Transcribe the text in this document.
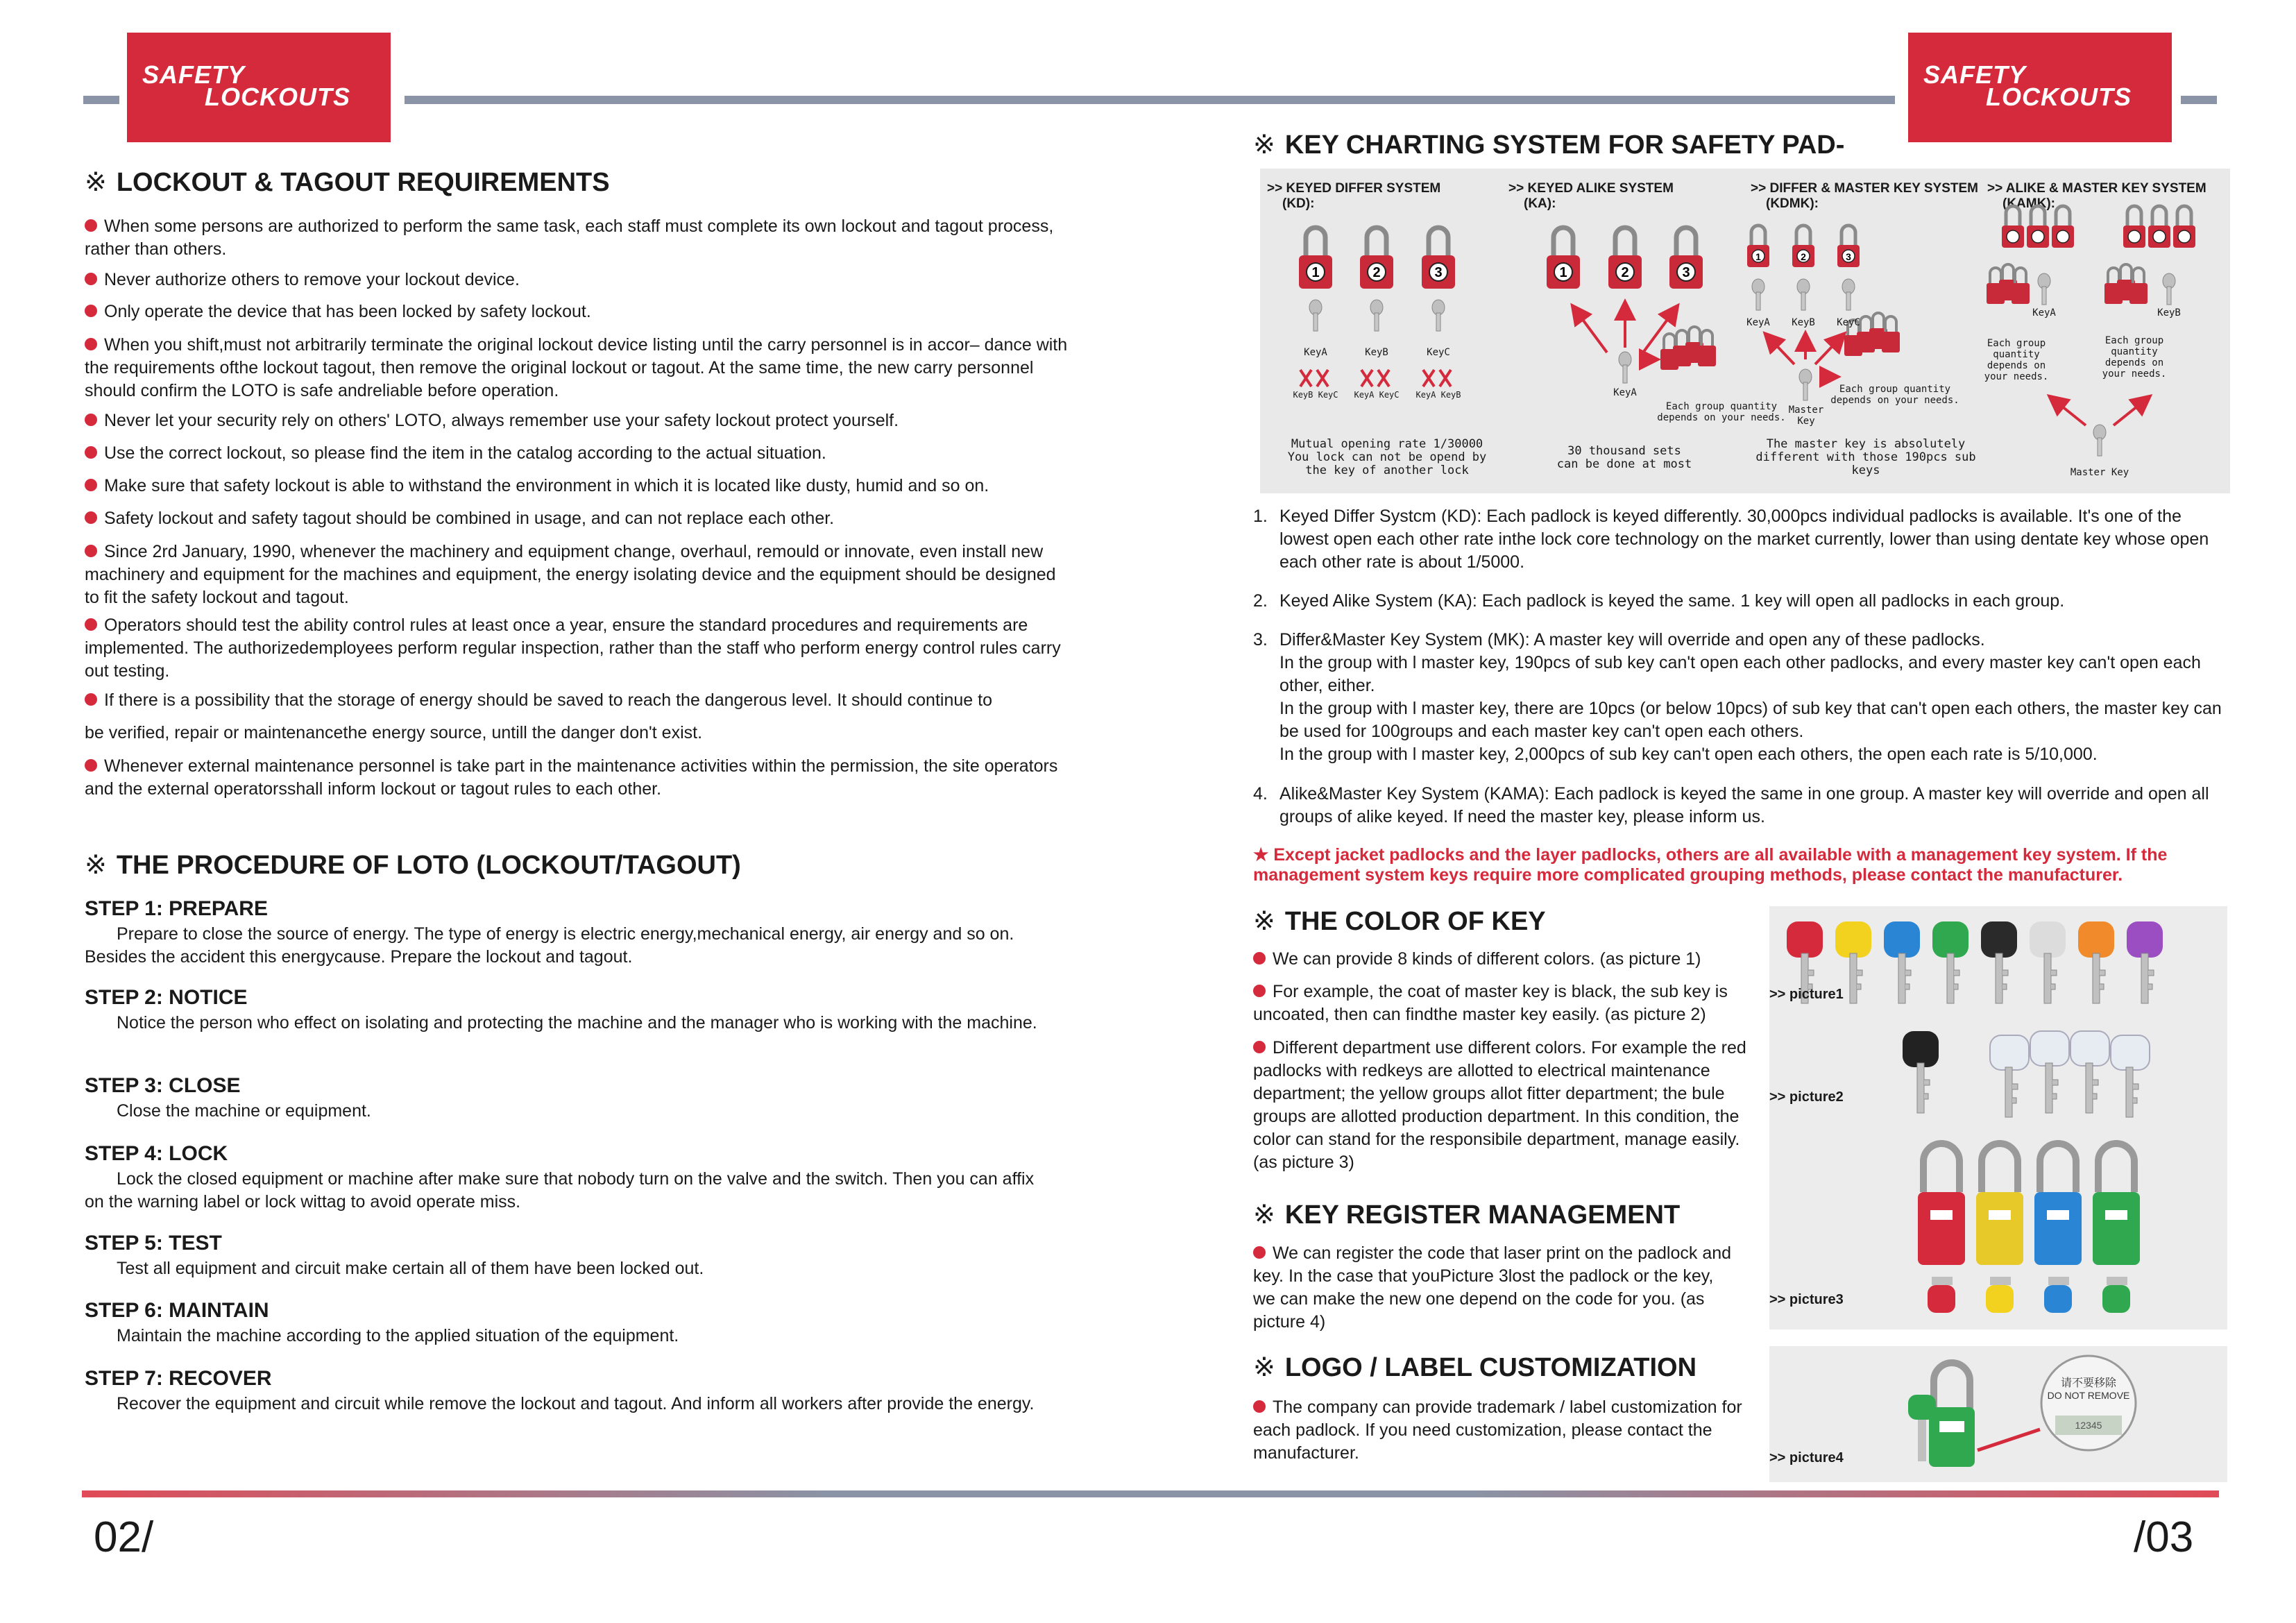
SAFETY
LOCKOUTS
SAFETY
LOCKOUTS
※ LOCKOUT & TAGOUT REQUIREMENTS
When some persons are authorized to perform the same task, each staff must complete its own lockout and tagout process, rather than others.
Never authorize others to remove your lockout device.
Only operate the device that has been locked by safety lockout.
When you shift,must not arbitrarily terminate the original lockout device listing until the carry personnel is in accor– dance with the requirements ofthe lockout tagout, then remove the original lockout or tagout. At the same time, the new carry personnel should confirm the LOTO is safe andreliable before operation.
Never let your security rely on others' LOTO, always remember use your safety lockout protect yourself.
Use the correct lockout, so please find the item in the catalog according to the actual situation.
Make sure that safety lockout is able to withstand the environment in which it is located like dusty, humid and so on.
Safety lockout and safety tagout should be combined in usage, and can not replace each other.
Since 2rd January, 1990, whenever the machinery and equipment change, overhaul, remould or innovate, even install new machinery and equipment for the machines and equipment, the energy isolating device and the equipment should be designed to fit the safety lockout and tagout.
Operators should test the ability control rules at least once a year, ensure the standard procedures and requirements are implemented. The authorizedemployees perform regular inspection, rather than the staff who perform energy control rules carry out testing.
If there is a possibility that the storage of energy should be saved to reach the dangerous level. It should continue to
be verified, repair or maintenancethe energy source, untill the danger don't exist.
Whenever external maintenance personnel is take part in the maintenance activities within the permission, the site operators and the external operatorsshall inform lockout or tagout rules to each other.
※ THE PROCEDURE OF LOTO (LOCKOUT/TAGOUT)
STEP 1: PREPARE
Prepare to close the source of energy. The type of energy is electric energy,mechanical energy, air energy and so on. Besides the accident this energycause. Prepare the lockout and tagout.
STEP 2: NOTICE
Notice the person who effect on isolating and protecting the machine and the manager who is working with the machine.
STEP 3: CLOSE
Close the machine or equipment.
STEP 4: LOCK
Lock the closed equipment or machine after make sure that nobody turn on the valve and the switch. Then you can affix on the warning label or lock wittag to avoid operate miss.
STEP 5: TEST
Test all equipment and circuit make certain all of them have been locked out.
STEP 6: MAINTAIN
Maintain the machine according to the applied situation of the equipment.
STEP 7: RECOVER
Recover the equipment and circuit while remove the lockout and tagout. And inform all workers after provide the energy.
※ KEY CHARTING SYSTEM FOR SAFETY PAD-
>> KEYED DIFFER SYSTEM
(KD):
>> KEYED ALIKE SYSTEM
(KA):
>> DIFFER & MASTER KEY SYSTEM
(KDMK):
>> ALIKE & MASTER KEY SYSTEM
(KAMK):
1	2	3	1	2	3
1	2	3
KeyA	KeyB	KeyC
KeyB KeyC	KeyA KeyC	KeyA KeyB
Mutual opening rate 1/30000 You lock can not be opend by the key of another lock
KeyA
Each group quantity depends on your needs.
30 thousand sets can be done at most
KeyA	KeyB	KeyC
Master Key
Each group quantity depends on your needs.
The master key is absolutely different with those 190pcs sub keys
KeyA	KeyB
Each group quantity depends on your needs.
Each group quantity depends on your needs.
Master Key
1. Keyed Differ Systcm (KD): Each padlock is keyed differently. 30,000pcs individual padlocks is available. It's one of the lowest open each other rate inthe lock core technology on the market currently, lower than using dentate key whose open each other rate is about 1/5000.
2. Keyed Alike System (KA): Each padlock is keyed the same. 1 key will open all padlocks in each group.
3. Differ&Master Key System (MK): A master key will override and open any of these padlocks.
In the group with l master key, 190pcs of sub key can't open each other padlocks, and every master key can't open each other, either.
In the group with l master key, there are 10pcs (or below 10pcs) of sub key that can't open each others, the master key can be used for 100groups and each master key can't open each others.
In the group with l master key, 2,000pcs of sub key can't open each others, the open each rate is 5/10,000.
4. Alike&Master Key System (KAMA): Each padlock is keyed the same in one group. A master key will override and open all groups of alike keyed. If need the master key, please inform us.
★ Except jacket padlocks and the layer padlocks, others are all available with a management key system. If the management system keys require more complicated grouping methods, please contact the manufacturer.
※ THE COLOR OF KEY
We can provide 8 kinds of different colors. (as picture 1)
For example, the coat of master key is black, the sub key is uncoated, then can findthe master key easily. (as picture 2)
Different department use different colors. For example the red padlocks with redkeys are allotted to electrical maintenance department; the yellow groups allot fitter department; the bule groups are allotted production department. In this condition, the color can stand for the responsibile department, manage easily. (as picture 3)
※ KEY REGISTER MANAGEMENT
We can register the code that laser print on the padlock and key. In the case that youPicture 3lost the padlock or the key, we can make the new one depend on the code for you. (as picture 4)
※ LOGO / LABEL CUSTOMIZATION
The company can provide trademark / label customization for each padlock. If you need customization, please contact the manufacturer.
>> picture1
>> picture2
>> picture3
请不要移除
DO NOT REMOVE
12345
>> picture4
02/	/03
